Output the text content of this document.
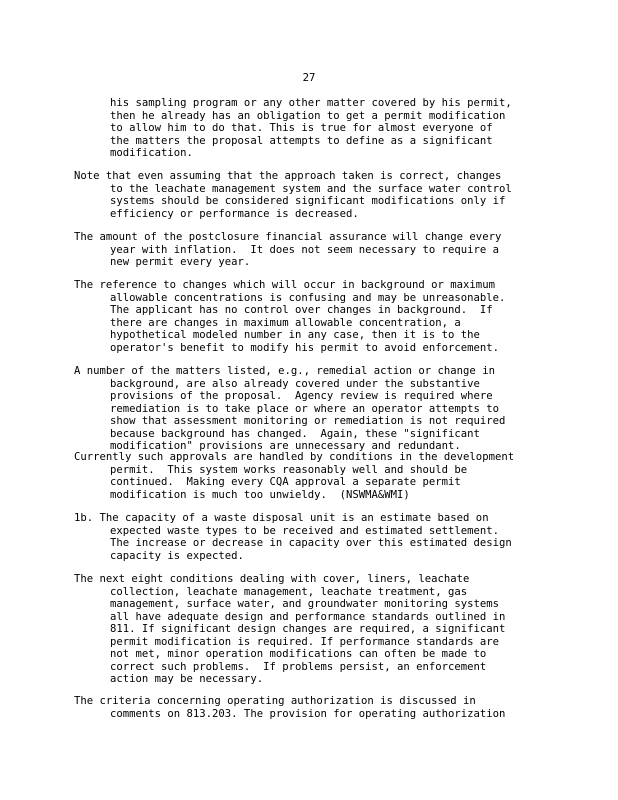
27
his sampling program or any other matter covered by his permit,
then he already has an obligation to get a permit modification
to allow him to do that. This is true for almost everyone of
the matters the proposal attempts to define as a significant
modification.
Note that even assuming that the approach taken is correct, changes
to the leachate management system and the surface water control
systems should be considered significant modifications only if
efficiency or performance is decreased.
The amount of the postclosure financial assurance will change every
year with inflation.  It does not seem necessary to require a
new permit every year.
The reference to changes which will occur in background or maximum
allowable concentrations is confusing and may be unreasonable.
The applicant has no control over changes in background.  If
there are changes in maximum allowable concentration, a
hypothetical modeled number in any case, then it is to the
operator's benefit to modify his permit to avoid enforcement.
A number of the matters listed, e.g., remedial action or change in
background, are also already covered under the substantive
provisions of the proposal.  Agency review is required where
remediation is to take place or where an operator attempts to
show that assessment monitoring or remediation is not required
because background has changed.  Again, these "significant
modification" provisions are unnecessary and redundant.
Currently such approvals are handled by conditions in the development
permit.  This system works reasonably well and should be
continued.  Making every CQA approval a separate permit
modification is much too unwieldy.  (NSWMA&WMI)
1b. The capacity of a waste disposal unit is an estimate based on
expected waste types to be received and estimated settlement.
The increase or decrease in capacity over this estimated design
capacity is expected.
The next eight conditions dealing with cover, liners, leachate
collection, leachate management, leachate treatment, gas
management, surface water, and groundwater monitoring systems
all have adequate design and performance standards outlined in
811. If significant design changes are required, a significant
permit modification is required. If performance standards are
not met, minor operation modifications can often be made to
correct such problems.  If problems persist, an enforcement
action may be necessary.
The criteria concerning operating authorization is discussed in
comments on 813.203. The provision for operating authorization
